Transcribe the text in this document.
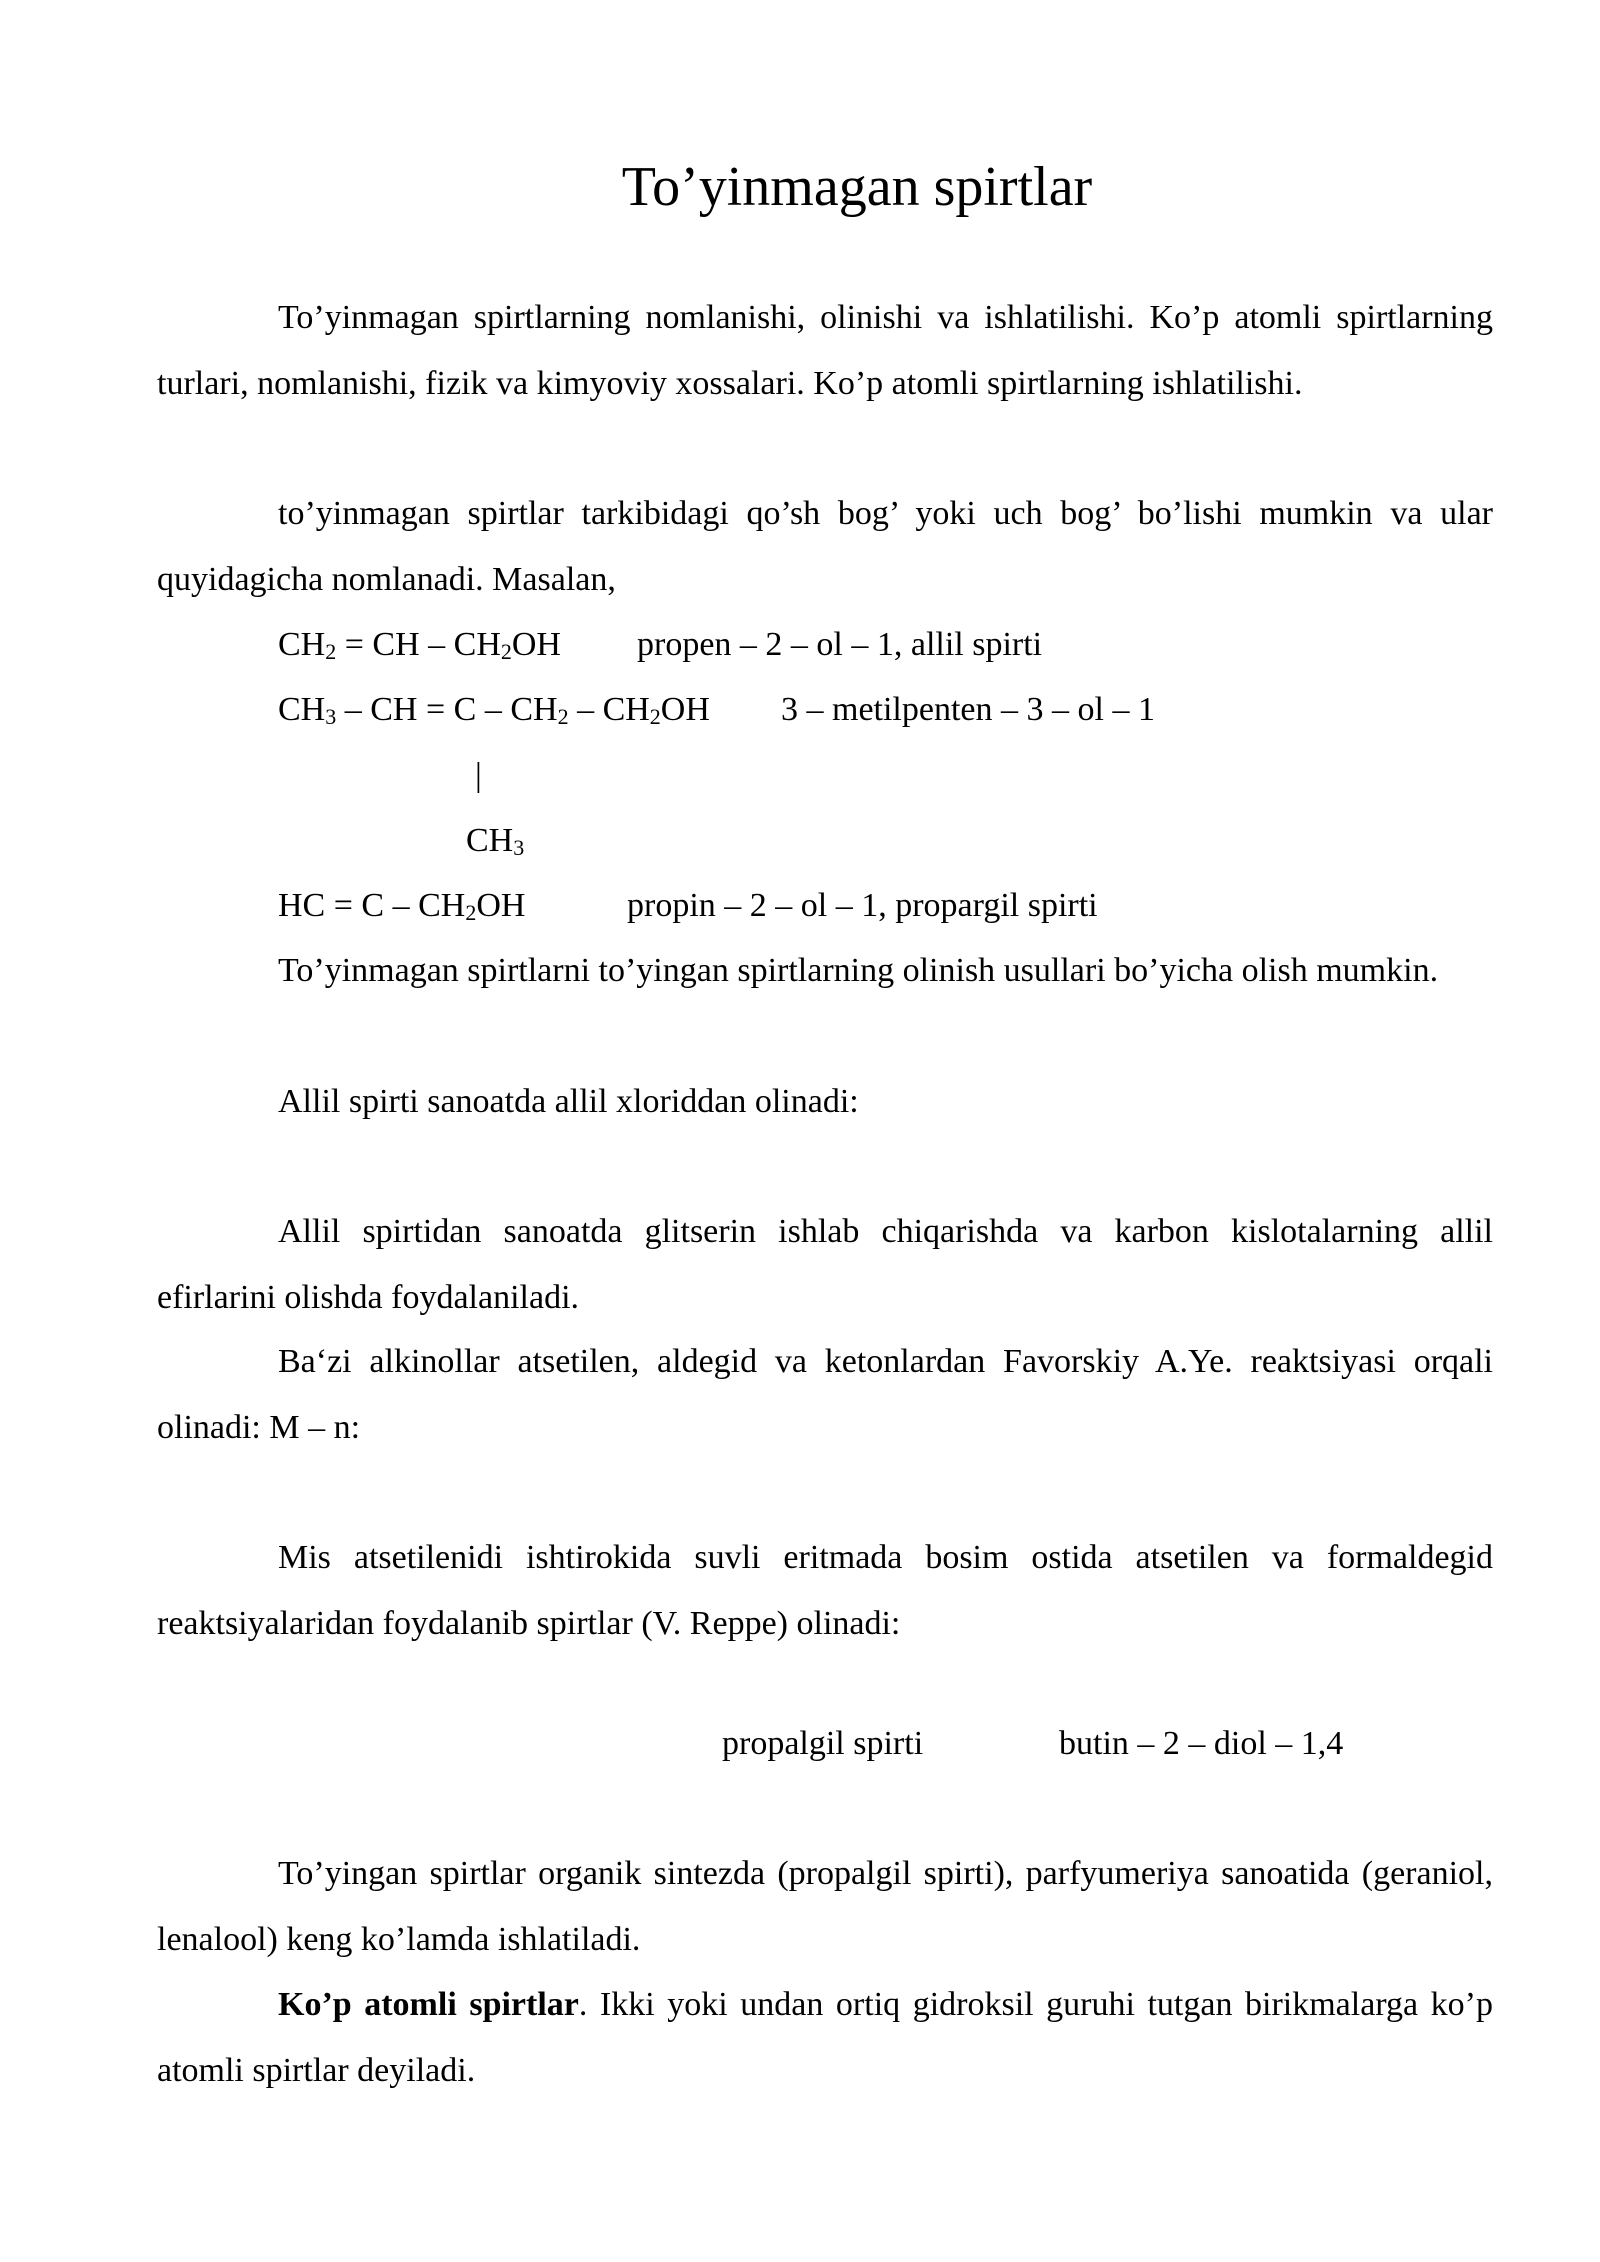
To’yinmagan spirtlar
To’yinmagan spirtlarning nomlanishi, olinishi va ishlatilishi. Ko’p atomli spirtlarning turlari, nomlanishi, fizik va kimyoviy xossalari. Ko’p atomli spirtlarning ishlatilishi.
to’yinmagan spirtlar tarkibidagi qo’sh bog’ yoki uch bog’ bo’lishi mumkin va ular quyidagicha nomlanadi. Masalan,
$CH_2$ = CH – $CH_2OH$ propen – 2 – ol – 1, allil spirti
$CH_3$ – CH = C – $CH_2 - CH_2OH$ 3 – metilpenten – 3 – ol – 1
|
$CH_3$
HC = C – $CH_2OH$	propin – 2 – ol – 1, propargil spirti
To’yinmagan spirtlarni to’yingan spirtlarning olinish usullari bo’yicha olish mumkin.
Allil spirti sanoatda allil xloriddan olinadi:
Allil spirtidan sanoatda glitserin ishlab chiqarishda va karbon kislotalarning allil efirlarini olishda foydalaniladi.
Ba‘zi alkinollar atsetilen, aldegid va ketonlardan Favorskiy A.Ye. reaktsiyasi orqali olinadi: M – n:
Mis atsetilenidi ishtirokida suvli eritmada bosim ostida atsetilen va formaldegid reaktsiyalaridan foydalanib spirtlar (V. Reppe) olinadi:
propalgil spirti	butin – 2 – diol – 1,4
To’yingan spirtlar organik sintezda (propalgil spirti), parfyumeriya sanoatida (geraniol, lenalool) keng ko’lamda ishlatiladi.
Ko’p atomli spirtlar. Ikki yoki undan ortiq gidroksil guruhi tutgan birikmalarga ko’p atomli spirtlar deyiladi.
